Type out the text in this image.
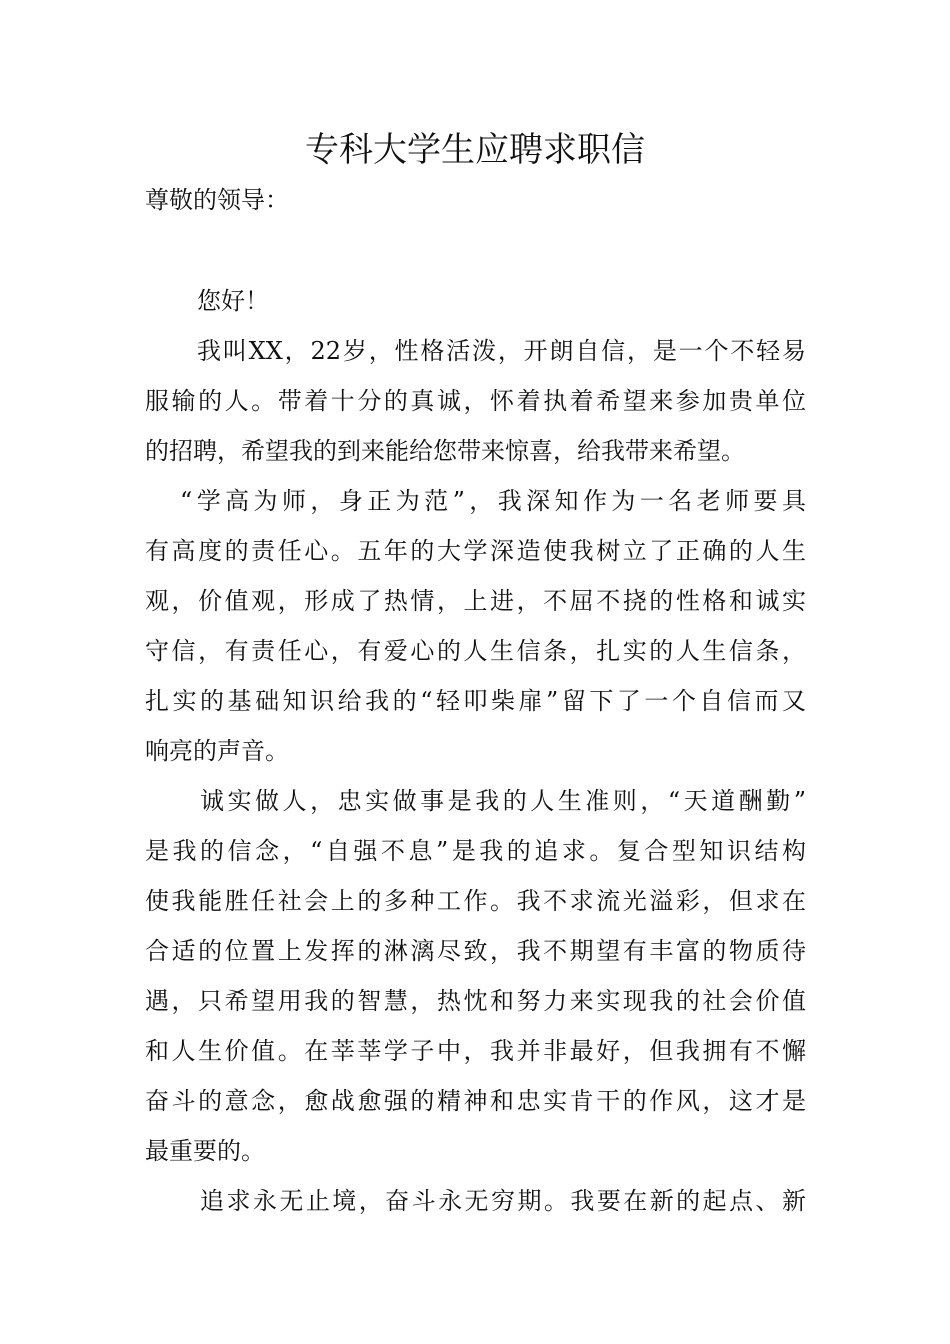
专科大学生应聘求职信
尊敬的领导：
您好！
我叫XX，22岁，性格活泼，开朗自信，是一个不轻易
服输的人。带着十分的真诚，怀着执着希望来参加贵单位
的招聘，希望我的到来能给您带来惊喜，给我带来希望。
“学高为师，身正为范”，我深知作为一名老师要具
有高度的责任心。五年的大学深造使我树立了正确的人生
观，价值观，形成了热情，上进，不屈不挠的性格和诚实
守信，有责任心，有爱心的人生信条，扎实的人生信条，
扎实的基础知识给我的“轻叩柴扉”留下了一个自信而又
响亮的声音。
诚实做人，忠实做事是我的人生准则，“天道酬勤”
是我的信念，“自强不息”是我的追求。复合型知识结构
使我能胜任社会上的多种工作。我不求流光溢彩，但求在
合适的位置上发挥的淋漓尽致，我不期望有丰富的物质待
遇，只希望用我的智慧，热忱和努力来实现我的社会价值
和人生价值。在莘莘学子中，我并非最好，但我拥有不懈
奋斗的意念，愈战愈强的精神和忠实肯干的作风，这才是
最重要的。
追求永无止境，奋斗永无穷期。我要在新的起点、新
